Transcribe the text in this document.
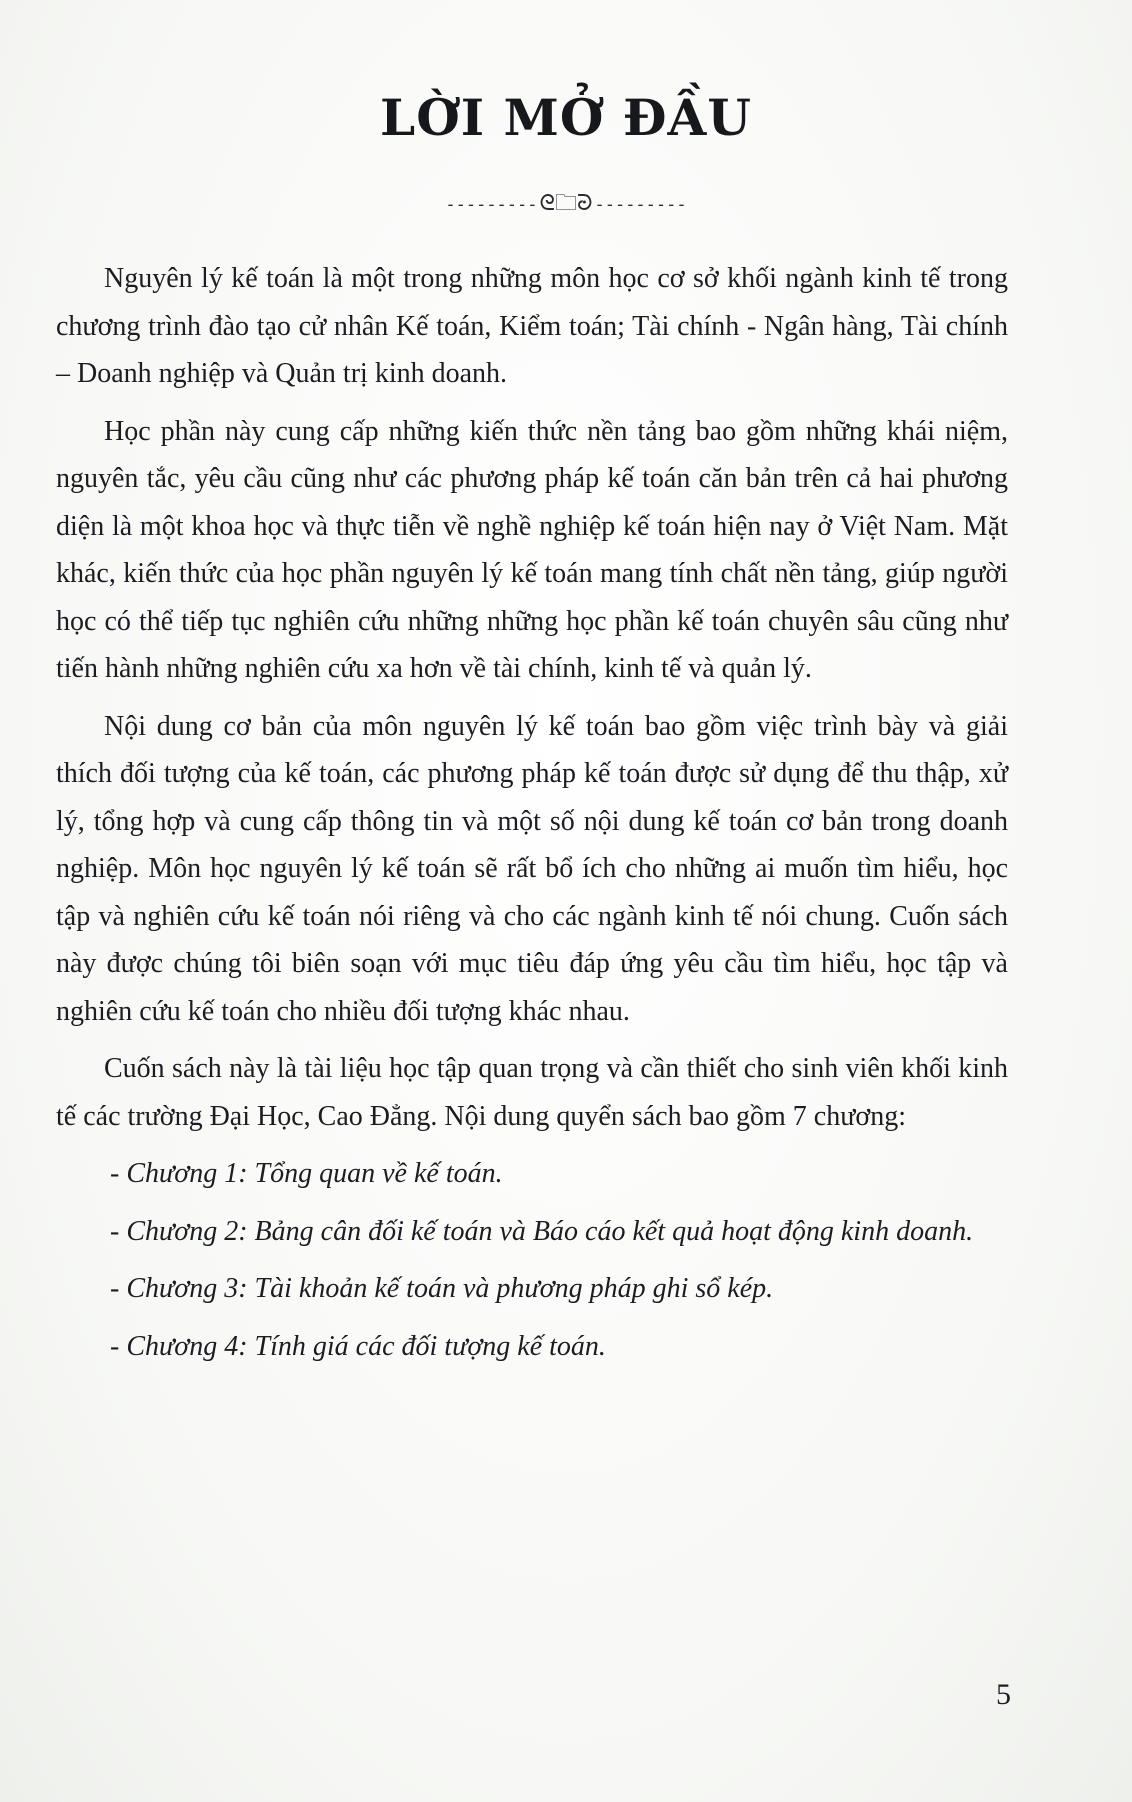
LỜI MỞ ĐẦU
---------ᘓ🗀ᘒ ---------

Nguyên lý kế toán là một trong những môn học cơ sở khối ngành kinh tế trong chương trình đào tạo cử nhân Kế toán, Kiểm toán; Tài chính - Ngân hàng, Tài chính – Doanh nghiệp và Quản trị kinh doanh.

Học phần này cung cấp những kiến thức nền tảng bao gồm những khái niệm, nguyên tắc, yêu cầu cũng như các phương pháp kế toán căn bản trên cả hai phương diện là một khoa học và thực tiễn về nghề nghiệp kế toán hiện nay ở Việt Nam. Mặt khác, kiến thức của học phần nguyên lý kế toán mang tính chất nền tảng, giúp người học có thể tiếp tục nghiên cứu những những học phần kế toán chuyên sâu cũng như tiến hành những nghiên cứu xa hơn về tài chính, kinh tế và quản lý.

Nội dung cơ bản của môn nguyên lý kế toán bao gồm việc trình bày và giải thích đối tượng của kế toán, các phương pháp kế toán được sử dụng để thu thập, xử lý, tổng hợp và cung cấp thông tin và một số nội dung kế toán cơ bản trong doanh nghiệp. Môn học nguyên lý kế toán sẽ rất bổ ích cho những ai muốn tìm hiểu, học tập và nghiên cứu kế toán nói riêng và cho các ngành kinh tế nói chung. Cuốn sách này được chúng tôi biên soạn với mục tiêu đáp ứng yêu cầu tìm hiểu, học tập và nghiên cứu kế toán cho nhiều đối tượng khác nhau.

Cuốn sách này là tài liệu học tập quan trọng và cần thiết cho sinh viên khối kinh tế các trường Đại Học, Cao Đẳng. Nội dung quyển sách bao gồm 7 chương:

- Chương 1: Tổng quan về kế toán.
- Chương 2: Bảng cân đối kế toán và Báo cáo kết quả hoạt động kinh doanh.
- Chương 3: Tài khoản kế toán và phương pháp ghi sổ kép.
- Chương 4: Tính giá các đối tượng kế toán.
5
